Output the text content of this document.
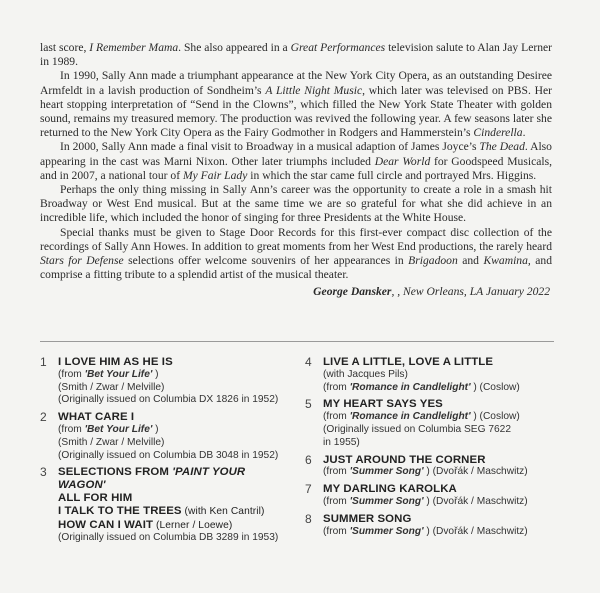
last score, I Remember Mama. She also appeared in a Great Performances television salute to Alan Jay Lerner in 1989.

In 1990, Sally Ann made a triumphant appearance at the New York City Opera, as an outstanding Desiree Armfeldt in a lavish production of Sondheim’s A Little Night Music, which later was televised on PBS. Her heart stopping interpretation of “Send in the Clowns”, which filled the New York State Theater with golden sound, remains my treasured memory. The production was revived the following year. A few seasons later she returned to the New York City Opera as the Fairy Godmother in Rodgers and Hammerstein’s Cinderella.

In 2000, Sally Ann made a final visit to Broadway in a musical adaption of James Joyce’s The Dead. Also appearing in the cast was Marni Nixon. Other later triumphs included Dear World for Goodspeed Musicals, and in 2007, a national tour of My Fair Lady in which the star came full circle and portrayed Mrs. Higgins.

Perhaps the only thing missing in Sally Ann’s career was the opportunity to create a role in a smash hit Broadway or West End musical. But at the same time we are so grateful for what she did achieve in an incredible life, which included the honor of singing for three Presidents at the White House.

Special thanks must be given to Stage Door Records for this first-ever compact disc collection of the recordings of Sally Ann Howes. In addition to great moments from her West End productions, the rarely heard Stars for Defense selections offer welcome souvenirs of her appearances in Brigadoon and Kwamina, and comprise a fitting tribute to a splendid artist of the musical theater.

George Dansker, , New Orleans, LA January 2022
1 I LOVE HIM AS HE IS
(from 'Bet Your Life' )
(Smith / Zwar / Melville)
(Originally issued on Columbia DX 1826 in 1952)
2 WHAT CARE I
(from 'Bet Your Life' )
(Smith / Zwar / Melville)
(Originally issued on Columbia DB 3048 in 1952)
3 SELECTIONS FROM 'PAINT YOUR WAGON'
ALL FOR HIM
I TALK TO THE TREES (with Ken Cantril)
HOW CAN I WAIT (Lerner / Loewe)
(Originally issued on Columbia DB 3289 in 1953)
4 LIVE A LITTLE, LOVE A LITTLE
(with Jacques Pils)
(from 'Romance in Candlelight' ) (Coslow)
5 MY HEART SAYS YES
(from 'Romance in Candlelight' ) (Coslow)
(Originally issued on Columbia SEG 7622
in 1955)
6 JUST AROUND THE CORNER
(from 'Summer Song' ) (Dvořák / Maschwitz)
7 MY DARLING KAROLKA
(from 'Summer Song' ) (Dvořák / Maschwitz)
8 SUMMER SONG
(from 'Summer Song' ) (Dvořák / Maschwitz)
